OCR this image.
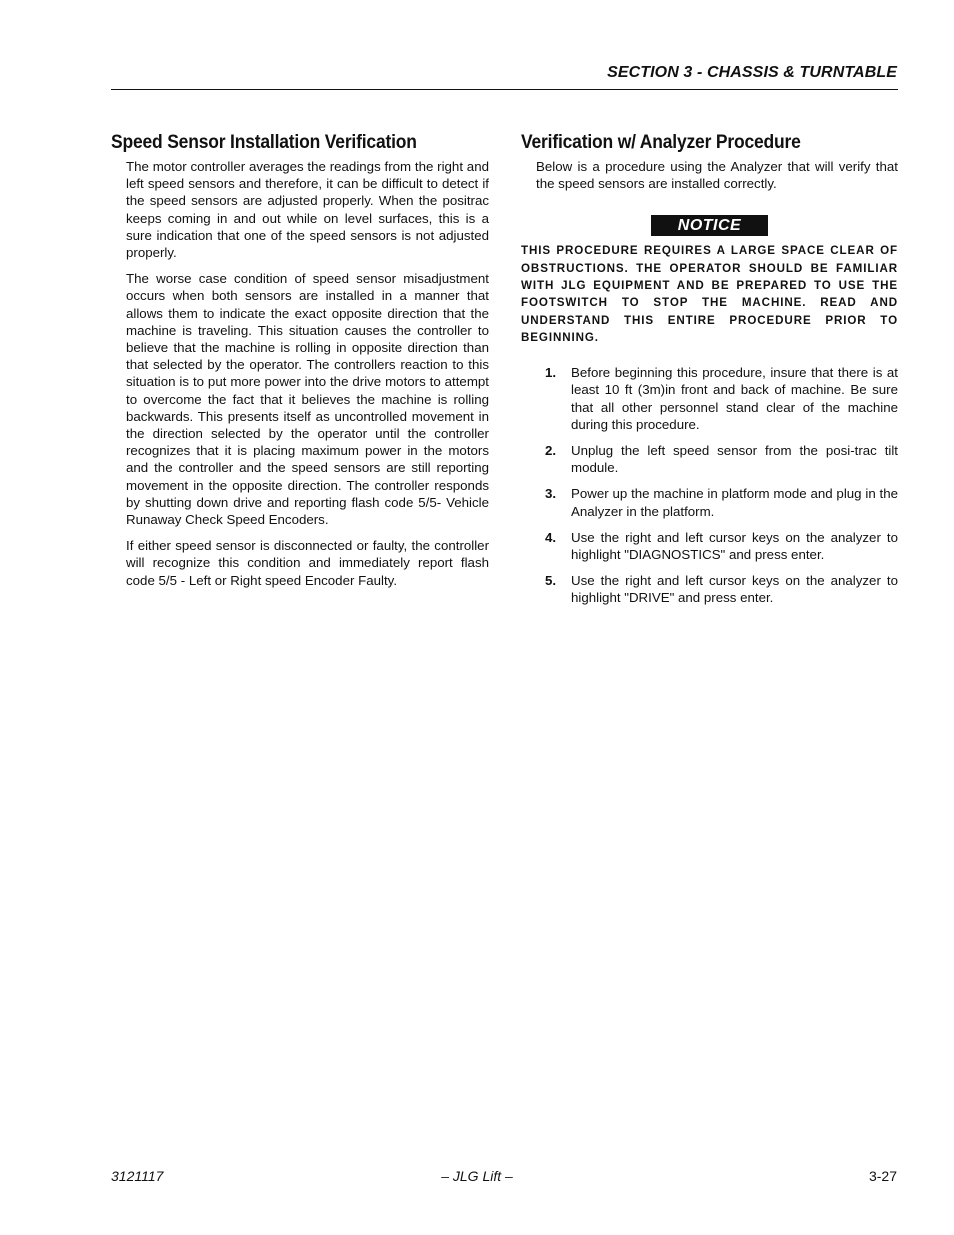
SECTION 3 - CHASSIS & TURNTABLE
Speed Sensor Installation Verification

The motor controller averages the readings from the right and left speed sensors and therefore, it can be difficult to detect if the speed sensors are adjusted properly. When the positrac keeps coming in and out while on level surfaces, this is a sure indication that one of the speed sensors is not adjusted properly.

The worse case condition of speed sensor misadjustment occurs when both sensors are installed in a manner that allows them to indicate the exact opposite direction that the machine is traveling. This situation causes the controller to believe that the machine is rolling in opposite direction than that selected by the operator. The controllers reaction to this situation is to put more power into the drive motors to attempt to overcome the fact that it believes the machine is rolling backwards. This presents itself as uncontrolled movement in the direction selected by the operator until the controller recognizes that it is placing maximum power in the motors and the controller and the speed sensors are still reporting movement in the opposite direction. The controller responds by shutting down drive and reporting flash code 5/5- Vehicle Runaway Check Speed Encoders.

If either speed sensor is disconnected or faulty, the controller will recognize this condition and immediately report flash code 5/5 - Left or Right speed Encoder Faulty.

Verification w/ Analyzer Procedure

Below is a procedure using the Analyzer that will verify that the speed sensors are installed correctly.

NOTICE

THIS PROCEDURE REQUIRES A LARGE SPACE CLEAR OF OBSTRUCTIONS. THE OPERATOR SHOULD BE FAMILIAR WITH JLG EQUIPMENT AND BE PREPARED TO USE THE FOOTSWITCH TO STOP THE MACHINE. READ AND UNDERSTAND THIS ENTIRE PROCEDURE PRIOR TO BEGINNING.

1. Before beginning this procedure, insure that there is at least 10 ft (3m)in front and back of machine. Be sure that all other personnel stand clear of the machine during this procedure.
2. Unplug the left speed sensor from the posi-trac tilt module.
3. Power up the machine in platform mode and plug in the Analyzer in the platform.
4. Use the right and left cursor keys on the analyzer to highlight "DIAGNOSTICS" and press enter.
5. Use the right and left cursor keys on the analyzer to highlight "DRIVE" and press enter.
3121117	– JLG Lift –	3-27
